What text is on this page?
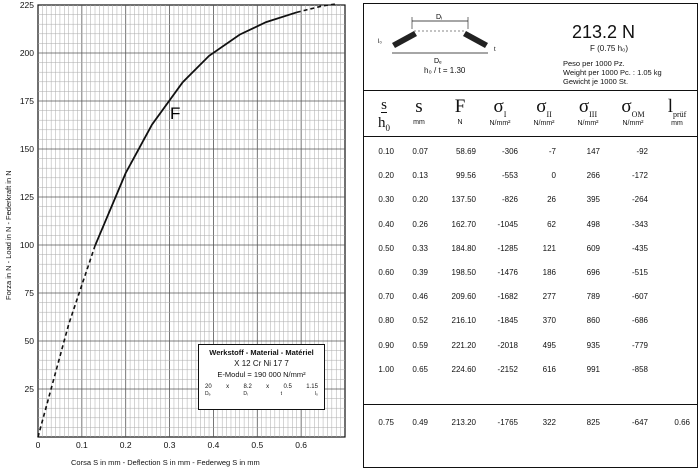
0	0.1	0.2	0.3	0.4	0.5	0.6
25
50
75
100
125
150
175
200
225
F
Forza in N - Load in N - Federkraft in N
Corsa S in mm - Deflection S in mm - Federweg S in mm
Werkstoff - Material - Matériel
X 12 Cr Ni 17 7
E-Modul = 190 000 N/mm²
20 x 8.2 x 0.5 1.15
Dₑ	Dᵢ	t	l₀
Dᵢ
Dₑ
l₀
t
213.2 N
F (0.75 h₀)
Peso per 1000 Pz.
Weight per 1000 Pc. : 1.05 kg
Gewicht je 1000 St.
h₀ / t = 1.30
s
$h_0$
s
mm
F
N
$\sigma_I$
N/mm²
$\sigma_{II}$
N/mm²
$\sigma_{III}$
N/mm²
$\sigma_{OM}$
N/mm²
$l_{prüf}$
mm
0.10	0.07	58.69	-306	-7	147	-92
0.20	0.13	99.56	-553	0	266	-172
0.30	0.20	137.50	-826	26	395	-264
0.40	0.26	162.70	-1045	62	498	-343
0.50	0.33	184.80	-1285	121	609	-435
0.60	0.39	198.50	-1476	186	696	-515
0.70	0.46	209.60	-1682	277	789	-607
0.80	0.52	216.10	-1845	370	860	-686
0.90	0.59	221.20	-2018	495	935	-779
1.00	0.65	224.60	-2152	616	991	-858
0.75	0.49	213.20	-1765	322	825	-647	0.66
